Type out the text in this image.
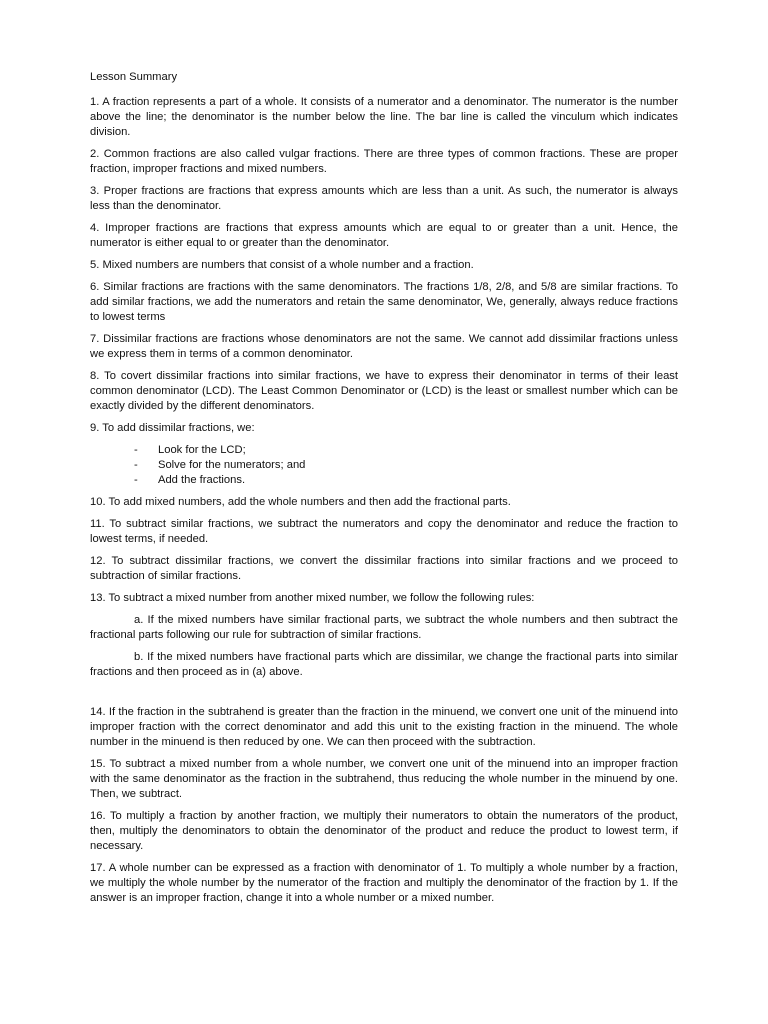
Lesson Summary

1. A fraction represents a part of a whole. It consists of a numerator and a denominator. The numerator is the number above the line; the denominator is the number below the line. The bar line is called the vinculum which indicates division.

2. Common fractions are also called vulgar fractions. There are three types of common fractions. These are proper fraction, improper fractions and mixed numbers.

3. Proper fractions are fractions that express amounts which are less than a unit. As such, the numerator is always less than the denominator.

4. Improper fractions are fractions that express amounts which are equal to or greater than a unit. Hence, the numerator is either equal to or greater than the denominator.

5. Mixed numbers are numbers that consist of a whole number and a fraction.

6. Similar fractions are fractions with the same denominators. The fractions 1/8, 2/8, and 5/8 are similar fractions. To add similar fractions, we add the numerators and retain the same denominator, We, generally, always reduce fractions to lowest terms

7. Dissimilar fractions are fractions whose denominators are not the same. We cannot add dissimilar fractions unless we express them in terms of a common denominator.

8. To covert dissimilar fractions into similar fractions, we have to express their denominator in terms of their least common denominator (LCD). The Least Common Denominator or (LCD) is the least or smallest number which can be exactly divided by the different denominators.

9. To add dissimilar fractions, we:

- Look for the LCD;
- Solve for the numerators; and
- Add the fractions.

10. To add mixed numbers, add the whole numbers and then add the fractional parts.

11. To subtract similar fractions, we subtract the numerators and copy the denominator and reduce the fraction to lowest terms, if needed.

12. To subtract dissimilar fractions, we convert the dissimilar fractions into similar fractions and we proceed to subtraction of similar fractions.

13. To subtract a mixed number from another mixed number, we follow the following rules:

a. If the mixed numbers have similar fractional parts, we subtract the whole numbers and then subtract the fractional parts following our rule for subtraction of similar fractions.

b. If the mixed numbers have fractional parts which are dissimilar, we change the fractional parts into similar fractions and then proceed as in (a) above.

14. If the fraction in the subtrahend is greater than the fraction in the minuend, we convert one unit of the minuend into improper fraction with the correct denominator and add this unit to the existing fraction in the minuend. The whole number in the minuend is then reduced by one. We can then proceed with the subtraction.

15. To subtract a mixed number from a whole number, we convert one unit of the minuend into an improper fraction with the same denominator as the fraction in the subtrahend, thus reducing the whole number in the minuend by one. Then, we subtract.

16. To multiply a fraction by another fraction, we multiply their numerators to obtain the numerators of the product, then, multiply the denominators to obtain the denominator of the product and reduce the product to lowest term, if necessary.

17. A whole number can be expressed as a fraction with denominator of 1. To multiply a whole number by a fraction, we multiply the whole number by the numerator of the fraction and multiply the denominator of the fraction by 1. If the answer is an improper fraction, change it into a whole number or a mixed number.
